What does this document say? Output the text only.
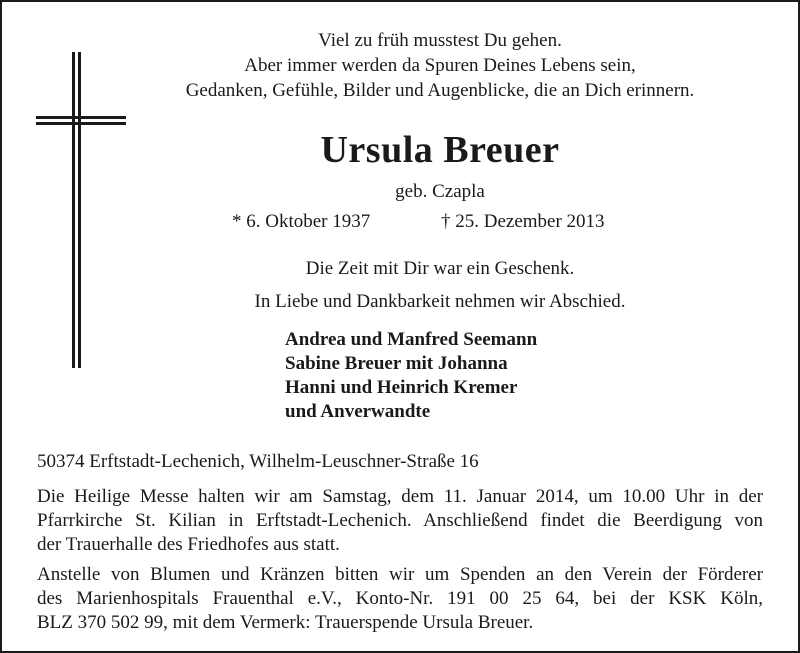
Viel zu früh musstest Du gehen.
Aber immer werden da Spuren Deines Lebens sein,
Gedanken, Gefühle, Bilder und Augenblicke, die an Dich erinnern.
Ursula Breuer
geb. Czapla
* 6. Oktober 1937	† 25. Dezember 2013
Die Zeit mit Dir war ein Geschenk.
In Liebe und Dankbarkeit nehmen wir Abschied.
Andrea und Manfred Seemann
Sabine Breuer mit Johanna
Hanni und Heinrich Kremer
und Anverwandte
50374 Erftstadt-Lechenich, Wilhelm-Leuschner-Straße 16
Die Heilige Messe halten wir am Samstag, dem 11. Januar 2014, um 10.00 Uhr in der
Pfarrkirche St. Kilian in Erftstadt-Lechenich. Anschließend findet die Beerdigung von
der Trauerhalle des Friedhofes aus statt.
Anstelle von Blumen und Kränzen bitten wir um Spenden an den Verein der Förderer
des Marienhospitals Frauenthal e.V., Konto-Nr. 191 00 25 64, bei der KSK Köln,
BLZ 370 502 99, mit dem Vermerk: Trauerspende Ursula Breuer.
